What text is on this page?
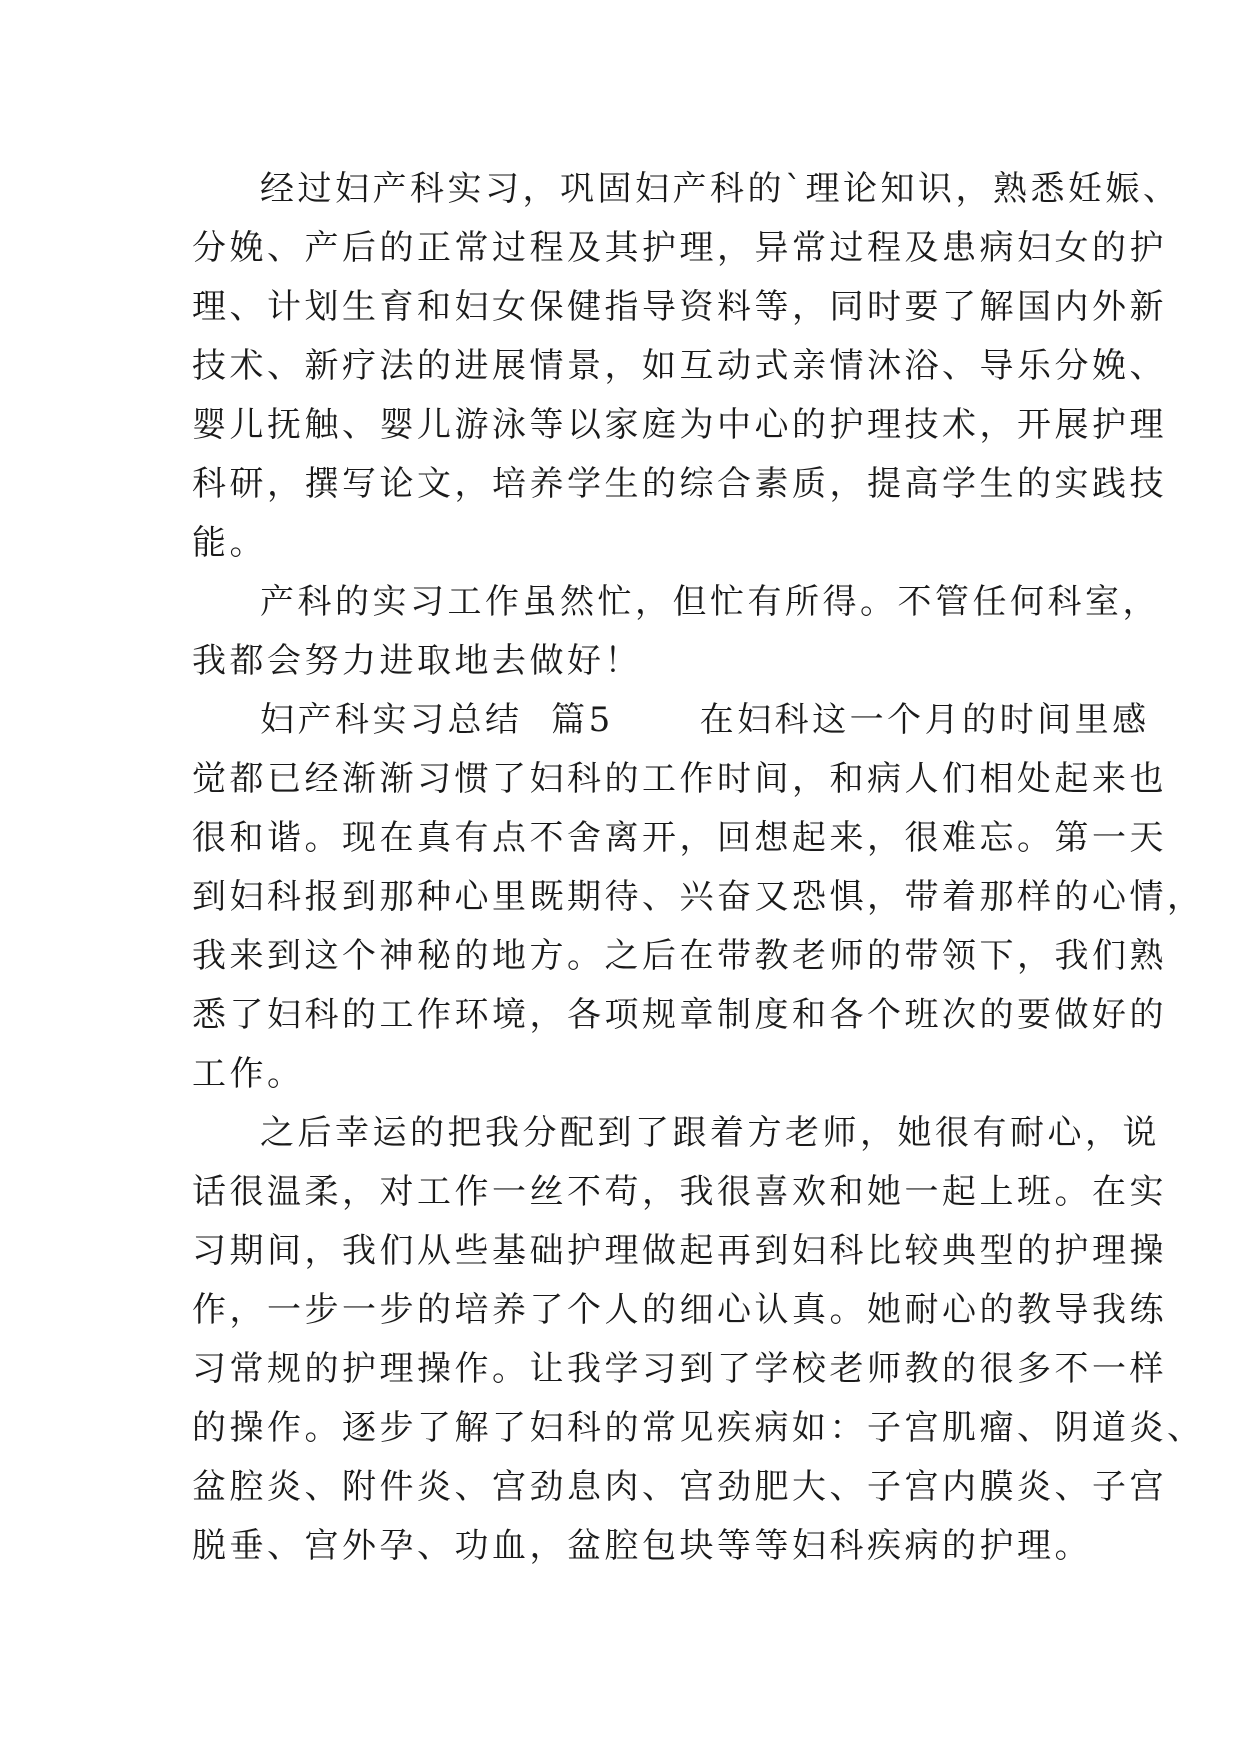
经过妇产科实习，巩固妇产科的`理论知识，熟悉妊娠、
分娩、产后的正常过程及其护理，异常过程及患病妇女的护
理、计划生育和妇女保健指导资料等，同时要了解国内外新
技术、新疗法的进展情景，如互动式亲情沐浴、导乐分娩、
婴儿抚触、婴儿游泳等以家庭为中心的护理技术，开展护理
科研，撰写论文，培养学生的综合素质，提高学生的实践技
能。
产科的实习工作虽然忙，但忙有所得。不管任何科室，
我都会努力进取地去做好！
妇产科实习总结  篇5      在妇科这一个月的时间里感
觉都已经渐渐习惯了妇科的工作时间，和病人们相处起来也
很和谐。现在真有点不舍离开，回想起来，很难忘。第一天
到妇科报到那种心里既期待、兴奋又恐惧，带着那样的心情，
我来到这个神秘的地方。之后在带教老师的带领下，我们熟
悉了妇科的工作环境，各项规章制度和各个班次的要做好的
工作。
之后幸运的把我分配到了跟着方老师，她很有耐心，说
话很温柔，对工作一丝不苟，我很喜欢和她一起上班。在实
习期间，我们从些基础护理做起再到妇科比较典型的护理操
作，一步一步的培养了个人的细心认真。她耐心的教导我练
习常规的护理操作。让我学习到了学校老师教的很多不一样
的操作。逐步了解了妇科的常见疾病如：子宫肌瘤、阴道炎、
盆腔炎、附件炎、宫劲息肉、宫劲肥大、子宫内膜炎、子宫
脱垂、宫外孕、功血，盆腔包块等等妇科疾病的护理。
